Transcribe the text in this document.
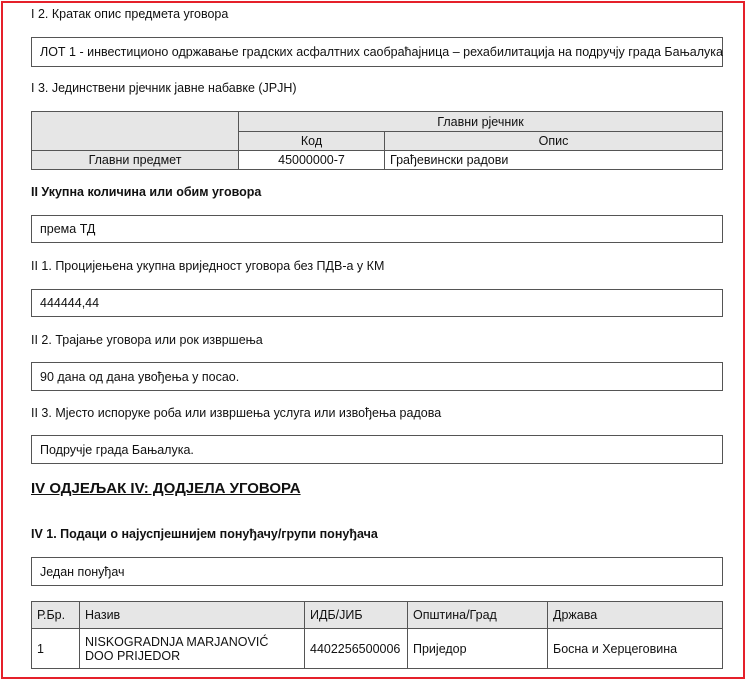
I 2. Кратак опис предмета уговора
ЛОТ 1 - инвестиционо одржавање градских асфалтних саобраћајница – рехабилитација на подручју града Бањалука
I 3. Јединствени рјечник јавне набавке (ЈРЈН)
	Главни рјечник	
	Код	Опис
Главни предмет	45000000-7	Грађевински радови
II Укупна количина или обим уговора
према ТД
II 1. Процијењена укупна вриједност уговора без ПДВ-а у КМ
444444,44
II 2. Трајање уговора или рок извршења
90 дана од дана увођења у посао.
II 3. Мјесто испоруке роба или извршења услуга или извођења радова
Подручје града Бањалука.
IV ОДЈЕЉАК IV: ДОДЈЕЛА УГОВОРА
IV 1. Подаци о најуспјешнијем понуђачу/групи понуђача
Један понуђач
Р.Бр.	Назив	ИДБ/ЈИБ	Општина/Град	Држава
1	NISKOGRADNJA MARJANOVIĆ DOO PRIJEDOR	4402256500006	Приједор	Босна и Херцеговина
